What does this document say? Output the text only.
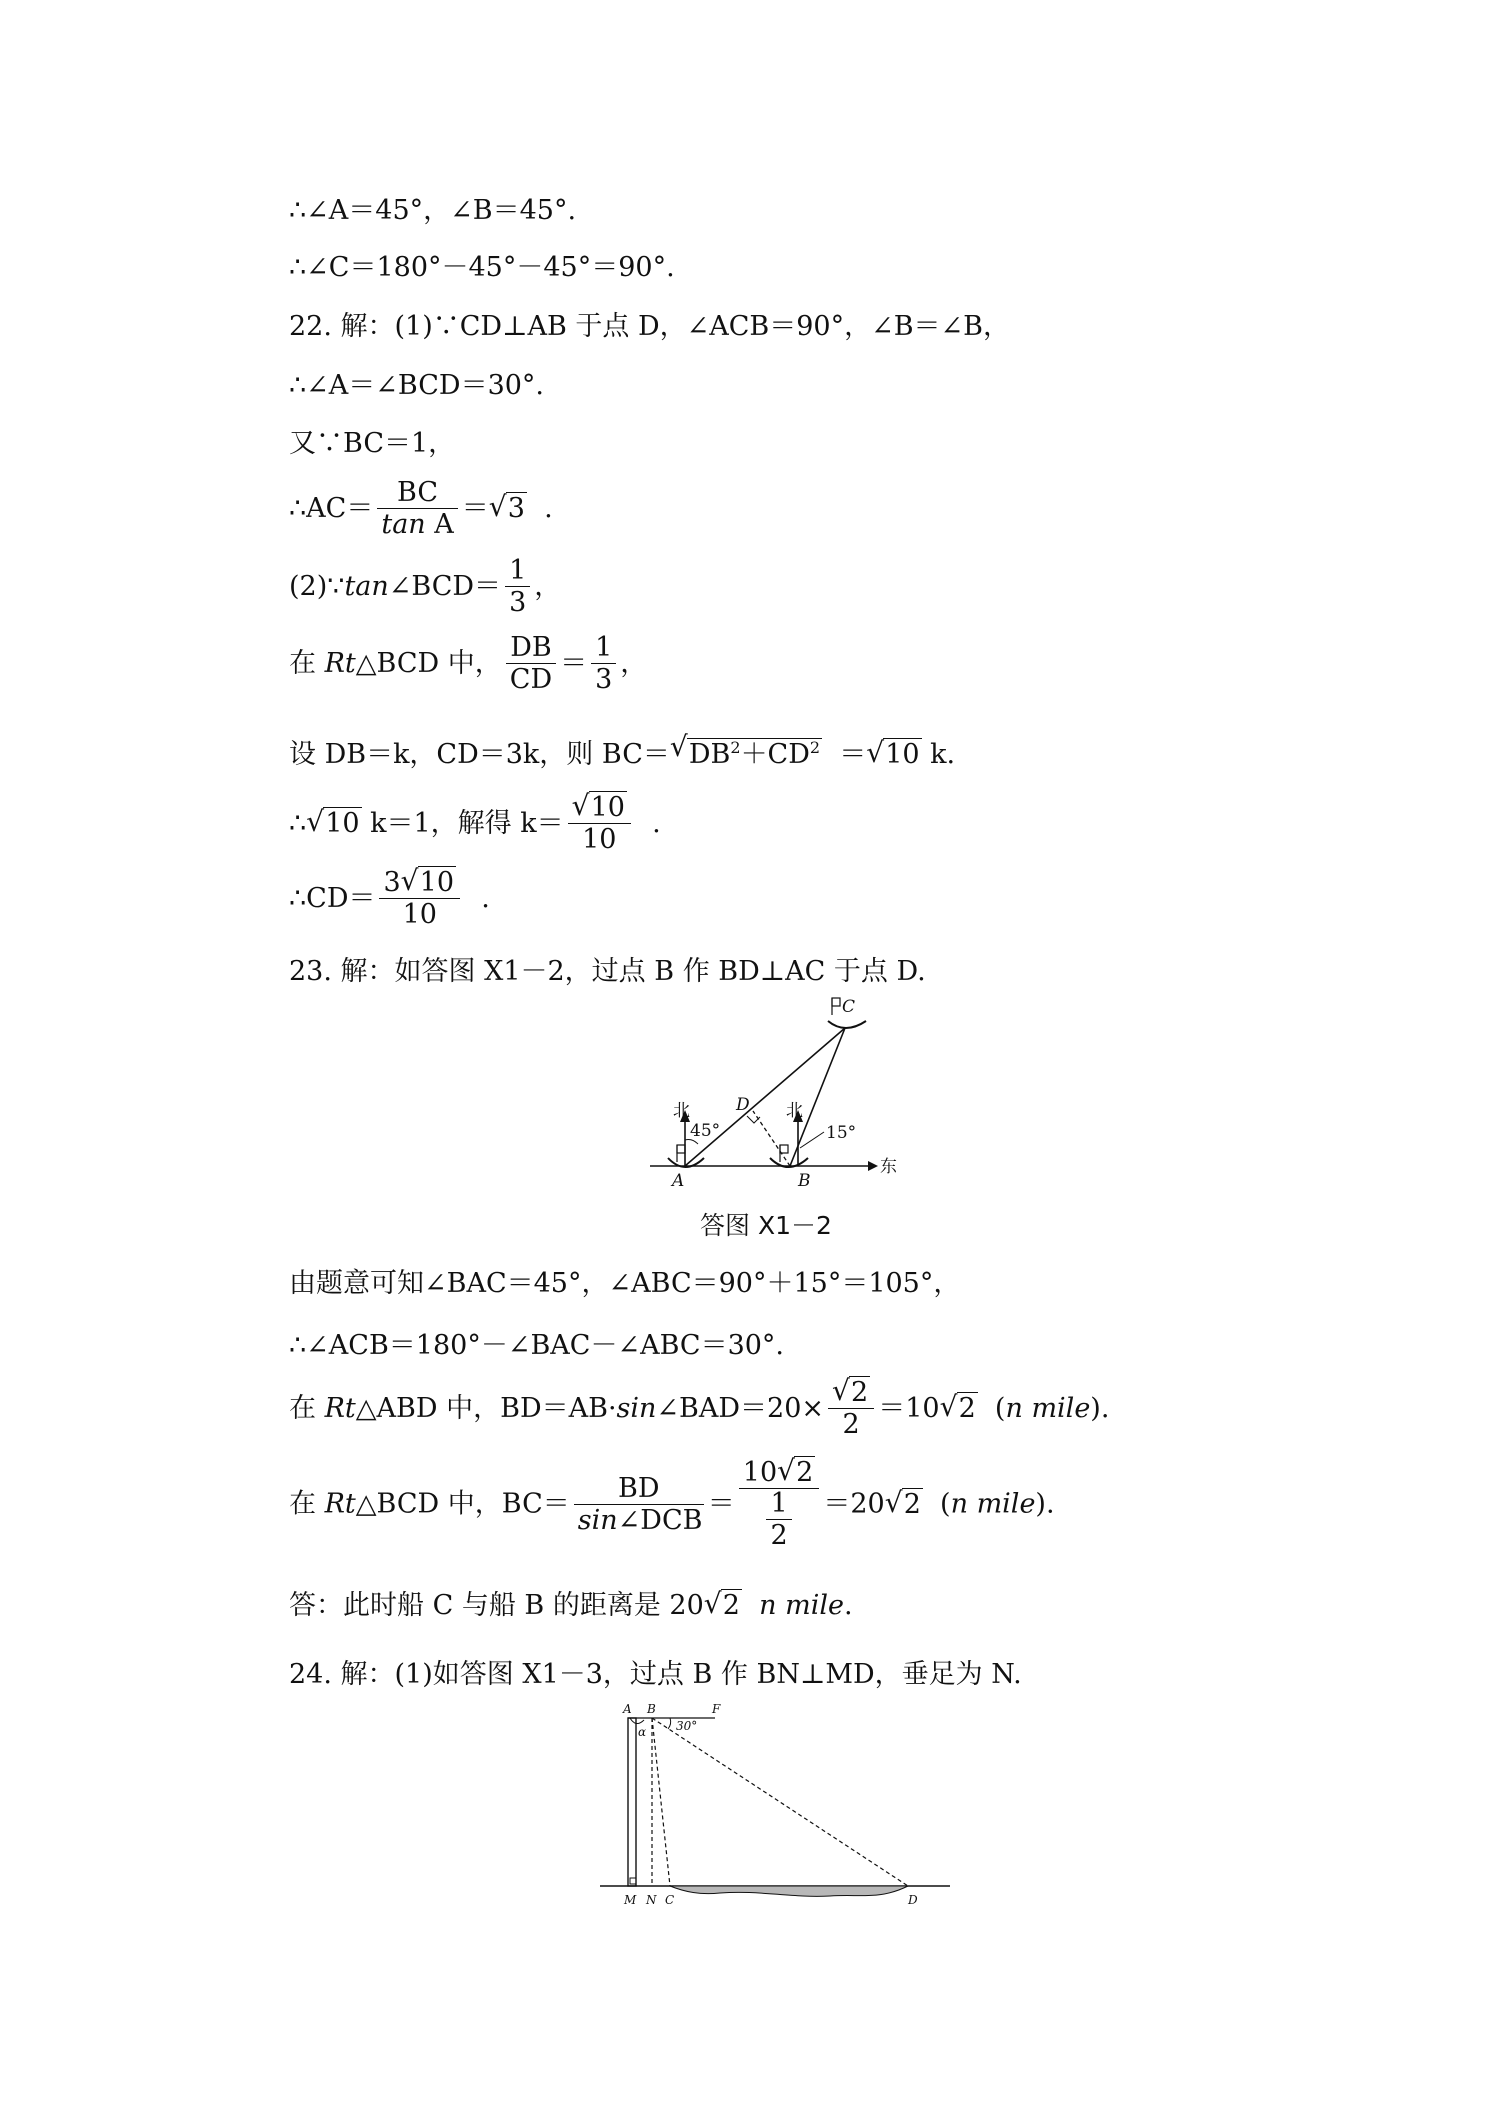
∴∠A＝45°，∠B＝45°.
∴∠C＝180°－45°－45°＝90°.
22. 解：(1)∵CD⊥AB 于点 D，∠ACB＝90°，∠B＝∠B，
∴∠A＝∠BCD＝30°.
又∵BC＝1，
∴AC＝ $\frac{BC}{\text{tan A}}$ ＝ √ 3 .
(2)∵tan∠BCD＝ $\frac{1}{3}$ ，
在 Rt△BCD 中， $\frac{DB}{CD} = \frac{1}{3}$ ，
设 DB＝k，CD＝3k，则 BC＝ √ $DB^2+CD^2$ ＝ √ 10 k.
∴ √ 10 k＝1，解得 $k= \frac{√ 10}{10}$ .
∴CD＝ $\frac{3 √ 10}{10}$ .
23. 解：如答图 X1－2，过点 B 作 BD⊥AC 于点 D.
C
D
A	B
北	北
东
45°	15°
答图 X1－2
由题意可知∠BAC＝45°，∠ABC＝90°＋15°＝105°，
∴∠ACB＝180°－∠BAC－∠ABC＝30°.
在 Rt△ABD 中，BD＝AB·sin∠BAD＝20× $\frac{√ 2}{2} =10$ √ 2 (n mile).
在 Rt△BCD 中，$BC= \frac{BD}{\text{sin∠DCB}} = \frac{10 √ 2}{\frac{1}{2}} =20$ √ 2 (n mile).
答：此时船 C 与船 B 的距离是 20 √ 2 n mile.
24. 解：(1)如答图 X1－3，过点 B 作 BN⊥MD，垂足为 N.
A B	F
α 30°
M N C	D
